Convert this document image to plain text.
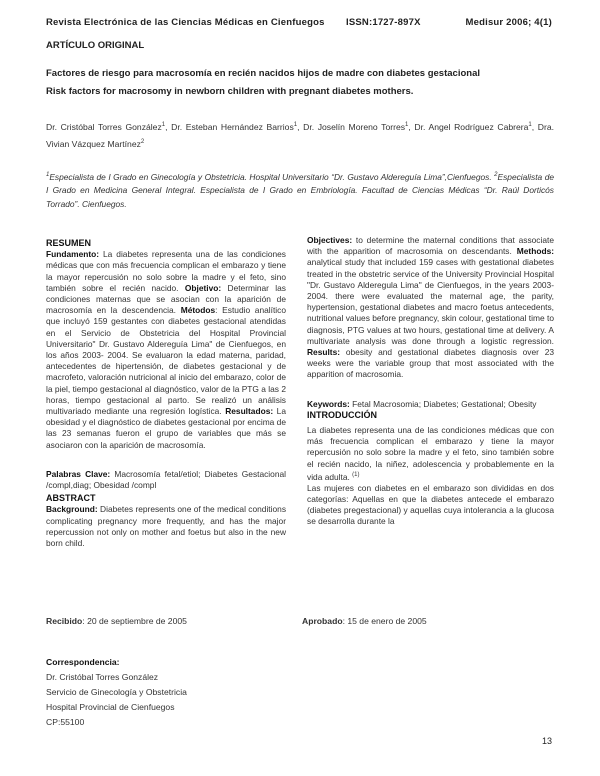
Revista Electrónica de las Ciencias Médicas en Cienfuegos ISSN:1727-897X	Medisur 2006; 4(1)
ARTÍCULO ORIGINAL
Factores de riesgo para macrosomía en recién nacidos hijos de madre con diabetes gestacional
Risk factors for macrosomy in newborn children with pregnant diabetes mothers.
Dr. Cristóbal Torres González$^1$, Dr. Esteban Hernández Barrios$^1$, Dr. Joselín Moreno Torres$^1$, Dr. Angel Rodríguez Cabrera$^1$, Dra. Vivian Vázquez Martínez$^2$
$^1$Especialista de I Grado en Ginecología y Obstetricia. Hospital Universitario “Dr. Gustavo Aldereguía Lima”,Cienfuegos. $^2$Especialista de I Grado en Medicina General Integral. Especialista de I Grado en Embriología. Facultad de Ciencias Médicas “Dr. Raúl Dorticós Torrado”. Cienfuegos.

RESUMEN

Fundamento: La diabetes representa una de las condiciones médicas que con más frecuencia complican el embarazo y tiene la mayor repercusión no solo sobre la madre y el feto, sino también sobre el recién nacido. Objetivo: Determinar las condiciones maternas que se asocian con la aparición de macrosomía en la descendencia. Métodos: Estudio analítico que incluyó 159 gestantes con diabetes gestacional atendidas en el Servicio de Obstetricia del Hospital Provincial Universitario" Dr. Gustavo Aldereguía Lima" de Cienfuegos, en los años 2003- 2004. Se evaluaron la edad materna, paridad, antecedentes de hipertensión, de diabetes gestacional y de macrofeto, valoración nutricional al inicio del embarazo, color de la piel, tiempo gestacional al diagnóstico, valor de la PTG a las 2 horas, tiempo gestacional al parto. Se realizó un análisis multivariado mediante una regresión logística. Resultados: La obesidad y el diagnóstico de diabetes gestacional por encima de las 23 semanas fueron el grupo de variables que más se asociaron con la aparición de macrosomía.

Palabras Clave: Macrosomía fetal/etiol; Diabetes Gestacional /compl,diag; Obesidad /compl

ABSTRACT

Background: Diabetes represents one of the medical conditions complicating pregnancy more frequently, and has the major repercussion not only on mother and foetus but also in the new born child.

Objectives: to determine the maternal conditions that associate with the apparition of macrosomia on descendants. Methods: analytical study that included 159 cases with gestational diabetes treated in the obstetric service of the University Provincial Hospital "Dr. Gustavo Alderegula Lima" de Cienfuegos, in the years 2003-2004. there were evaluated the maternal age, the parity, hypertension, gestational diabetes and macro foetus antecedents, nutritional values before pregnancy, skin colour, gestational time to diagnosis, PTG values at two hours, gestational time at delivery. A multivariate analysis was done through a logistic regression. Results: obesity and gestational diabetes diagnosis over 23 weeks were the variable group that most associated with the apparition of macrosomia.

Keywords: Fetal Macrosomia; Diabetes; Gestational; Obesity

INTRODUCCIÓN

La diabetes representa una de las condiciones médicas que con más frecuencia complican el embarazo y tiene la mayor repercusión no solo sobre la madre y el feto, sino también sobre el recién nacido, la niñez, adolescencia y probablemente en la vida adulta. $^{(1)}$

Las mujeres con diabetes en el embarazo son divididas en dos categorías: Aquellas en que la diabetes antecede el embarazo (diabetes pregestacional) y aquellas cuya intolerancia a la glucosa se desarrolla durante la

Recibido: 20 de septiembre de 2005	Aprobado: 15 de enero de 2005
Correspondencia:
Dr. Cristóbal Torres González
Servicio de Ginecología y Obstetricia
Hospital Provincial de Cienfuegos
CP:55100
13
